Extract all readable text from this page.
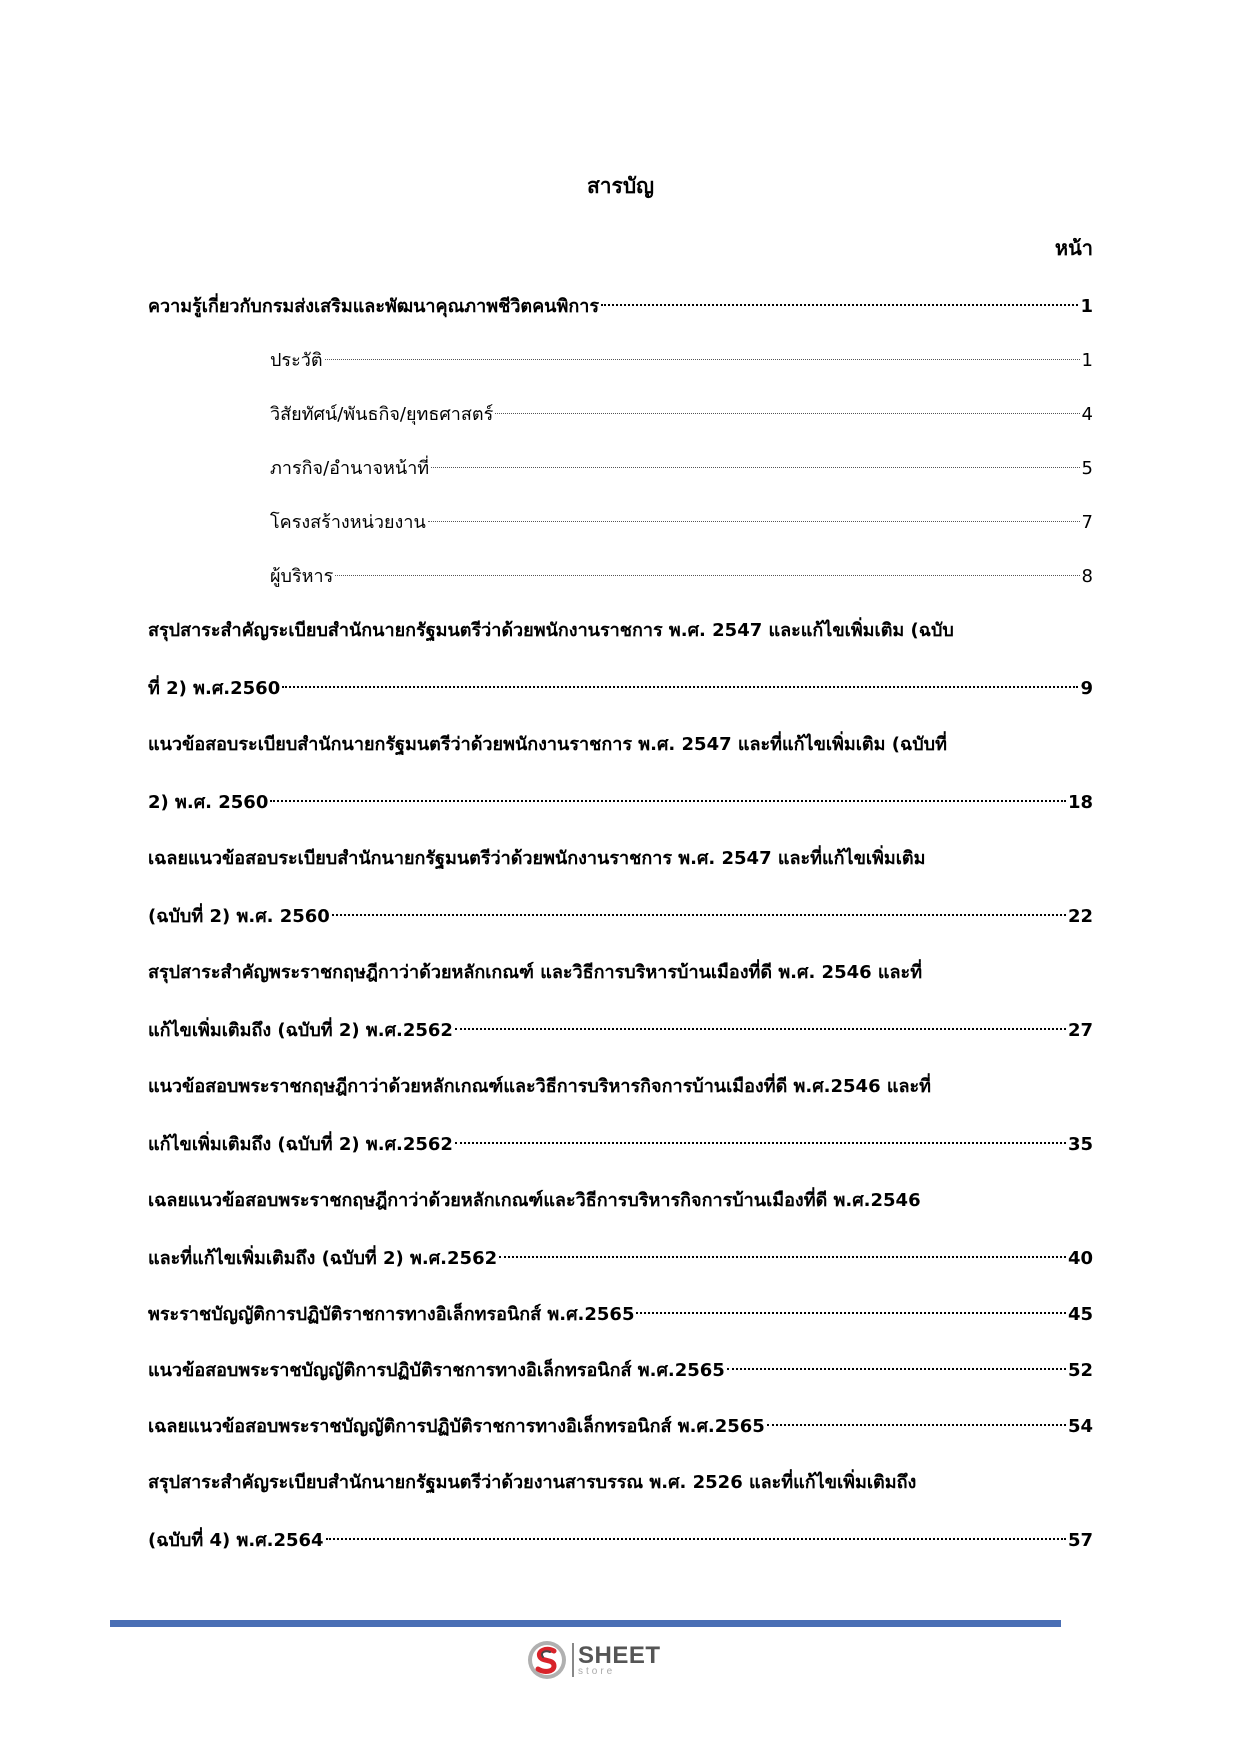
สารบัญ
หน้า
ความรู้เกี่ยวกับกรมส่งเสริมและพัฒนาคุณภาพชีวิตคนพิการ	1
ประวัติ	1
วิสัยทัศน์/พันธกิจ/ยุทธศาสตร์	4
ภารกิจ/อำนาจหน้าที่	5
โครงสร้างหน่วยงาน	7
ผู้บริหาร	8
สรุปสาระสำคัญระเบียบสำนักนายกรัฐมนตรีว่าด้วยพนักงานราชการ พ.ศ. 2547 และแก้ไขเพิ่มเติม (ฉบับ
ที่ 2) พ.ศ.2560	9
แนวข้อสอบระเบียบสำนักนายกรัฐมนตรีว่าด้วยพนักงานราชการ พ.ศ. 2547 และที่แก้ไขเพิ่มเติม (ฉบับที่
2) พ.ศ. 2560	18
เฉลยแนวข้อสอบระเบียบสำนักนายกรัฐมนตรีว่าด้วยพนักงานราชการ พ.ศ. 2547 และที่แก้ไขเพิ่มเติม
(ฉบับที่ 2) พ.ศ. 2560	22
สรุปสาระสำคัญพระราชกฤษฎีกาว่าด้วยหลักเกณฑ์ และวิธีการบริหารบ้านเมืองที่ดี พ.ศ. 2546 และที่
แก้ไขเพิ่มเติมถึง (ฉบับที่ 2) พ.ศ.2562	27
แนวข้อสอบพระราชกฤษฎีกาว่าด้วยหลักเกณฑ์และวิธีการบริหารกิจการบ้านเมืองที่ดี พ.ศ.2546 และที่
แก้ไขเพิ่มเติมถึง (ฉบับที่ 2) พ.ศ.2562	35
เฉลยแนวข้อสอบพระราชกฤษฎีกาว่าด้วยหลักเกณฑ์และวิธีการบริหารกิจการบ้านเมืองที่ดี พ.ศ.2546
และที่แก้ไขเพิ่มเติมถึง (ฉบับที่ 2) พ.ศ.2562	40
พระราชบัญญัติการปฏิบัติราชการทางอิเล็กทรอนิกส์ พ.ศ.2565	45
แนวข้อสอบพระราชบัญญัติการปฏิบัติราชการทางอิเล็กทรอนิกส์ พ.ศ.2565	52
เฉลยแนวข้อสอบพระราชบัญญัติการปฏิบัติราชการทางอิเล็กทรอนิกส์ พ.ศ.2565	54
สรุปสาระสำคัญระเบียบสำนักนายกรัฐมนตรีว่าด้วยงานสารบรรณ พ.ศ. 2526 และที่แก้ไขเพิ่มเติมถึง
(ฉบับที่ 4) พ.ศ.2564	57
SHEET
store
